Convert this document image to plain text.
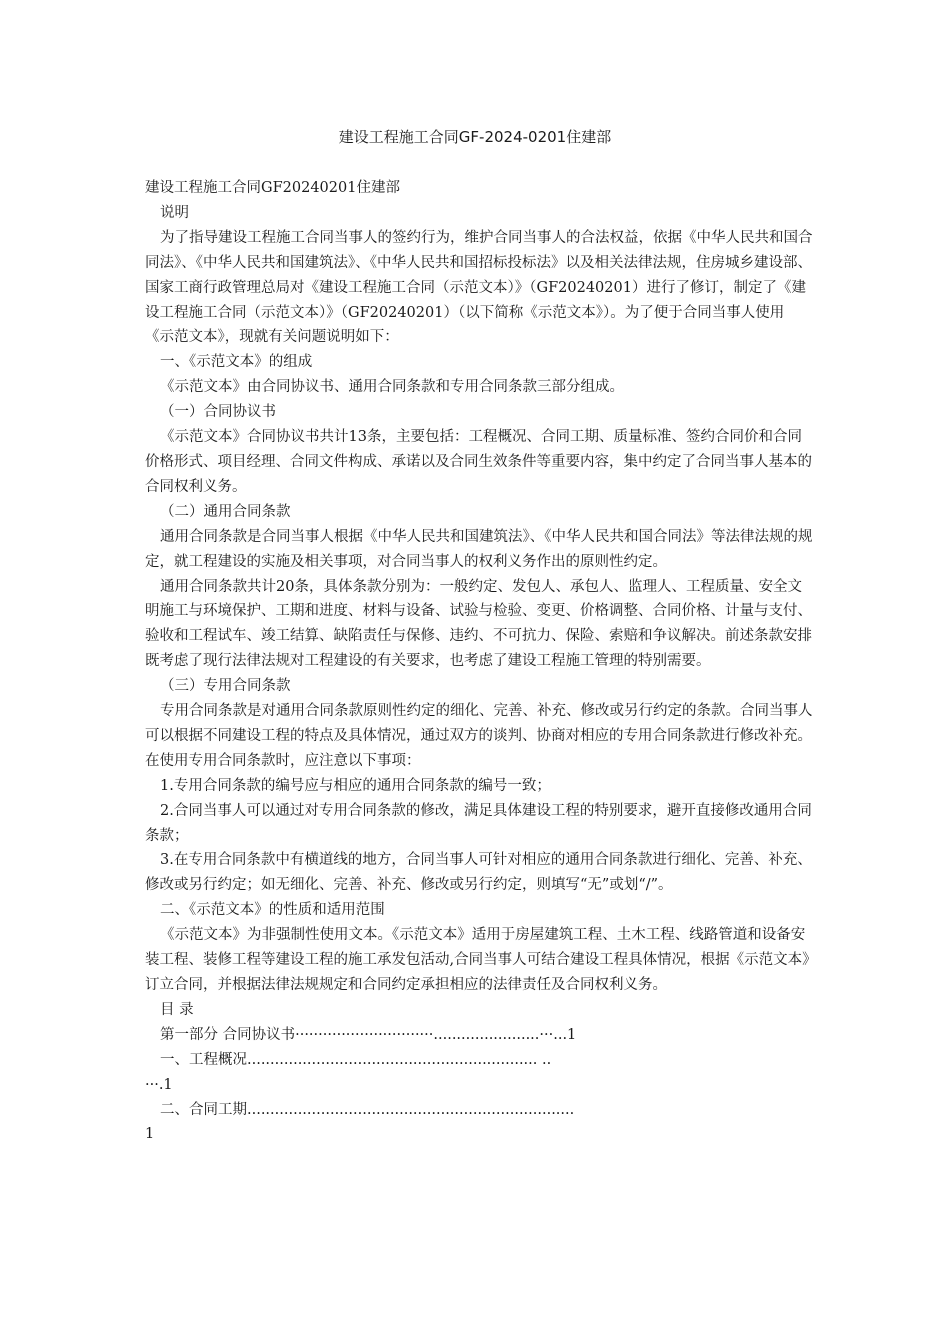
建设工程施工合同GF-2024-0201住建部

建设工程施工合同GF20240201住建部

说明

为了指导建设工程施工合同当事人的签约行为，维护合同当事人的合法权益，依据《中华人民共和国合同法》、《中华人民共和国建筑法》、《中华人民共和国招标投标法》以及相关法律法规，住房城乡建设部、国家工商行政管理总局对《建设工程施工合同（示范文本）》（GF20240201）进行了修订，制定了《建设工程施工合同（示范文本）》（GF20240201）（以下简称《示范文本》）。为了便于合同当事人使用《示范文本》，现就有关问题说明如下：

一、《示范文本》的组成

《示范文本》由合同协议书、通用合同条款和专用合同条款三部分组成。

（一）合同协议书

《示范文本》合同协议书共计13条，主要包括：工程概况、合同工期、质量标准、签约合同价和合同价格形式、项目经理、合同文件构成、承诺以及合同生效条件等重要内容，集中约定了合同当事人基本的合同权利义务。

（二）通用合同条款

通用合同条款是合同当事人根据《中华人民共和国建筑法》、《中华人民共和国合同法》等法律法规的规定，就工程建设的实施及相关事项，对合同当事人的权利义务作出的原则性约定。

通用合同条款共计20条，具体条款分别为：一般约定、发包人、承包人、监理人、工程质量、安全文明施工与环境保护、工期和进度、材料与设备、试验与检验、变更、价格调整、合同价格、计量与支付、验收和工程试车、竣工结算、缺陷责任与保修、违约、不可抗力、保险、索赔和争议解决。前述条款安排既考虑了现行法律法规对工程建设的有关要求，也考虑了建设工程施工管理的特别需要。

（三）专用合同条款

专用合同条款是对通用合同条款原则性约定的细化、完善、补充、修改或另行约定的条款。合同当事人可以根据不同建设工程的特点及具体情况，通过双方的谈判、协商对相应的专用合同条款进行修改补充。在使用专用合同条款时，应注意以下事项：

1.专用合同条款的编号应与相应的通用合同条款的编号一致；

2.合同当事人可以通过对专用合同条款的修改，满足具体建设工程的特别要求，避开直接修改通用合同条款；

3.在专用合同条款中有横道线的地方，合同当事人可针对相应的通用合同条款进行细化、完善、补充、修改或另行约定；如无细化、完善、补充、修改或另行约定，则填写“无”或划“/”。

二、《示范文本》的性质和适用范围

《示范文本》为非强制性使用文本。《示范文本》适用于房屋建筑工程、土木工程、线路管道和设备安装工程、装修工程等建设工程的施工承发包活动,合同当事人可结合建设工程具体情况，根据《示范文本》订立合同，并根据法律法规规定和合同约定承担相应的法律责任及合同权利义务。

目 录

第一部分 合同协议书······························.......................···...1

一、工程概况............................................................... ..

···.1

二、合同工期.......................................................................

1
